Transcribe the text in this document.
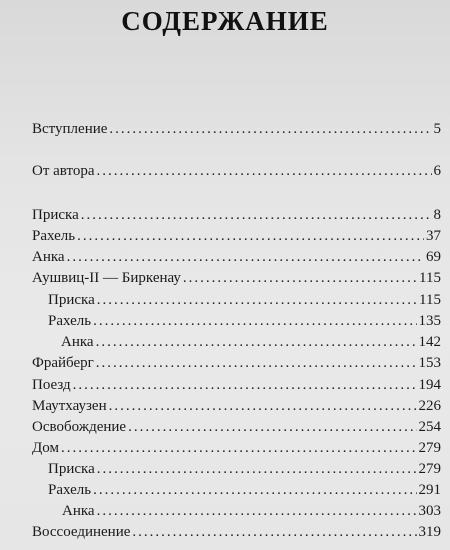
СОДЕРЖАНИЕ
Вступление .....	5
От автора .....	6
Приска .....	8
Рахель .....	37
Анка .....	69
Аушвиц-II — Биркенау .....	115
Приска .....	115
Рахель .....	135
Анка .....	142
Фрайберг .....	153
Поезд .....	194
Маутхаузен .....	226
Освобождение .....	254
Дом .....	279
Приска .....	279
Рахель .....	291
Анка .....	303
Воссоединение .....	319
